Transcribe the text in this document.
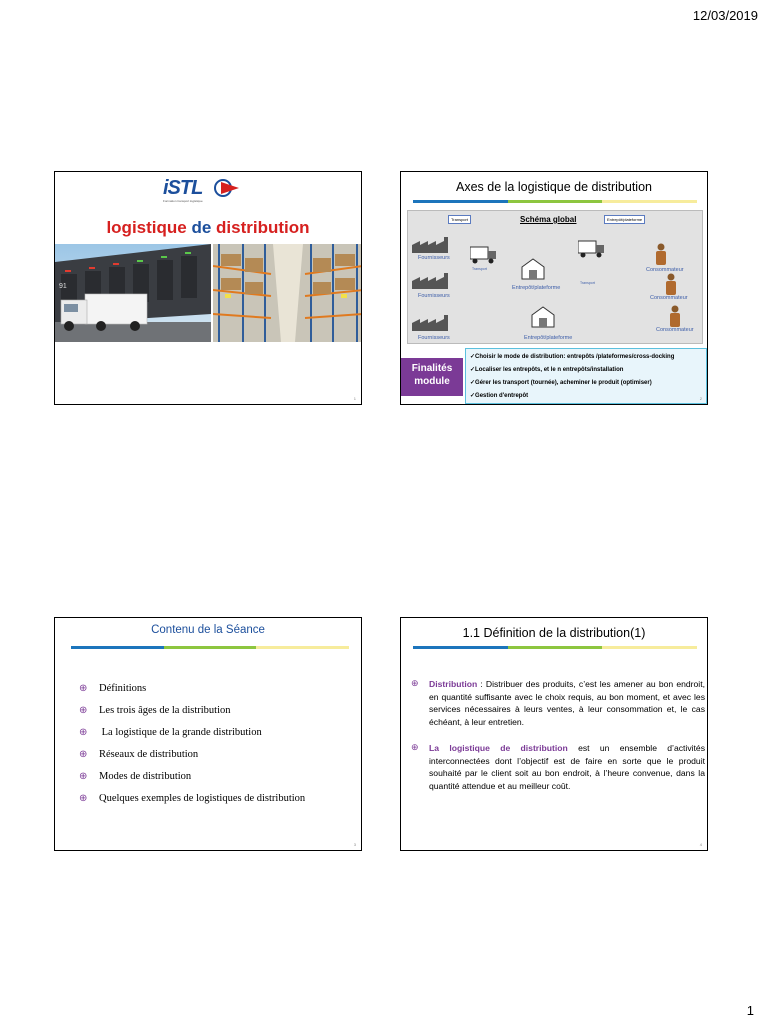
12/03/2019
iSTL
Formation transport logistique
logistique de distribution
91
1
Axes de la logistique de distribution
Transport	Schéma global	Entrepôt/plateforme
Fournisseurs
Fournisseurs
Fournisseurs
Transport
Transport
Entrepôt/plateforme
Entrepôt/plateforme
Consommateur
Consommateur
Consommateur
Finalités
module
✓Choisir le mode de distribution: entrepôts /plateformes/cross-docking
✓Localiser les entrepôts, et le n entrepôts/installation
✓Gérer les transport (tournée), acheminer le produit (optimiser)
✓Gestion d'entrepôt	2
Contenu de la Séance
⊕ Définitions
⊕ Les trois âges de la distribution
⊕ La logistique de la grande distribution
⊕ Réseaux de distribution
⊕ Modes de distribution
⊕ Quelques exemples de logistiques de distribution
3
1.1 Définition de la distribution(1)
⊕ Distribution : Distribuer des produits, c’est les amener au bon endroit, en quantité suffisante avec le choix requis, au bon moment, et avec les services nécessaires à leurs ventes, à leur consommation et, le cas échéant, à leur entretien.
⊕ La logistique de distribution est un ensemble d’activités interconnectées dont l’objectif est de faire en sorte que le produit souhaité par le client soit au bon endroit, à l’heure convenue, dans la quantité attendue et au meilleur coût.
4
1
